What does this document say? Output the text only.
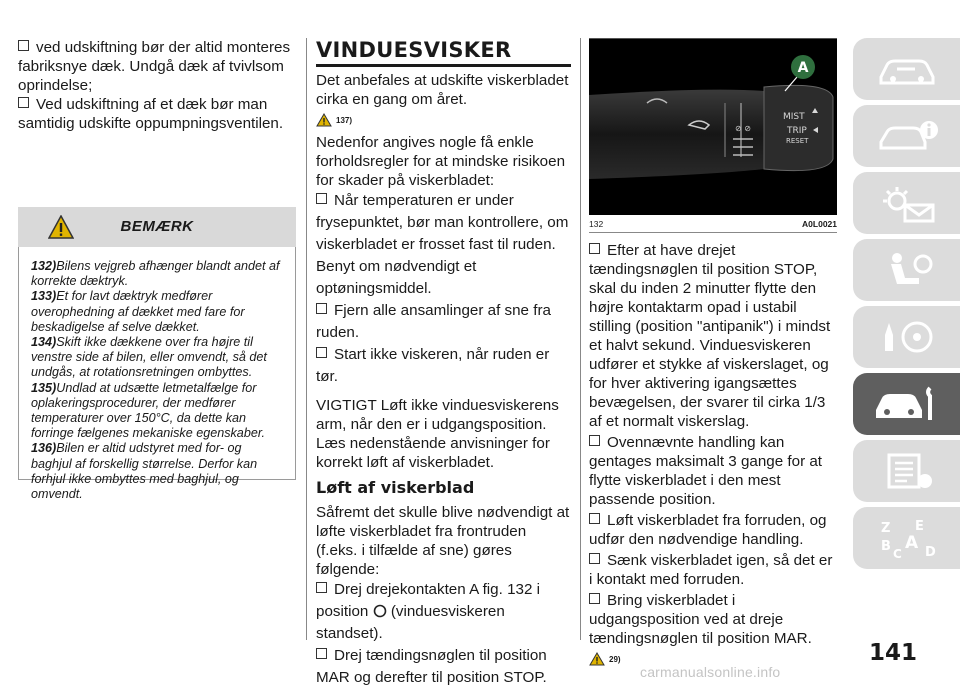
ved udskiftning bør der altid monteres fabriksnye dæk. Undgå dæk af tvivlsom oprindelse;

Ved udskiftning af et dæk bør man samtidig udskifte oppumpningsventilen.

BEMÆRK

132)Bilens vejgreb afhænger blandt andet af korrekte dæktryk.

133)Et for lavt dæktryk medfører overophedning af dækket med fare for beskadigelse af selve dækket.

134)Skift ikke dækkene over fra højre til venstre side af bilen, eller omvendt, så det undgås, at rotationsretningen ombyttes.

135)Undlad at udsætte letmetalfælge for oplakeringsprocedurer, der medfører temperaturer over 150°C, da dette kan forringe fælgenes mekaniske egenskaber.

136)Bilen er altid udstyret med for- og baghjul af forskellig størrelse. Derfor kan forhjul ikke ombyttes med baghjul, og omvendt.

VINDUESVISKER

Det anbefales at udskifte viskerbladet cirka en gang om året.

137)

Nedenfor angives nogle få enkle forholdsregler for at mindske risikoen for skader på viskerbladet:

Når temperaturen er under frysepunktet, bør man kontrollere, om viskerbladet er frosset fast til ruden.

Benyt om nødvendigt et optøningsmiddel.

Fjern alle ansamlinger af sne fra ruden.

Start ikke viskeren, når ruden er tør.

VIGTIGT Løft ikke vinduesviskerens arm, når den er i udgangsposition. Læs nedenstående anvisninger for korrekt løft af viskerbladet.

Løft af viskerblad

Såfremt det skulle blive nødvendigt at løfte viskerbladet fra frontruden (f.eks. i tilfælde af sne) gøres følgende:

Drej drejekontakten A fig. 132 i position (vinduesviskeren standset).

Drej tændingsnøglen til position MAR og derefter til position STOP.

⊘ ⊘
A
MIST
TRIP
RESET
132	A0L0021

Efter at have drejet tændingsnøglen til position STOP, skal du inden 2 minutter flytte den højre kontaktarm opad i ustabil stilling (position "antipanik") i mindst et halvt sekund. Vinduesviskeren udfører et stykke af viskerslaget, og for hver aktivering igangsættes bevægelsen, der svarer til cirka 1/3 af et normalt viskerslag.

Ovennævnte handling kan gentages maksimalt 3 gange for at flytte viskerbladet i den mest passende position.

Løft viskerbladet fra forruden, og udfør den nødvendige handling.

Sænk viskerbladet igen, så det er i kontakt med forruden.

Bring viskerbladet i udgangsposition ved at dreje tændingsnøglen til position MAR.

29)
Z E
B A D
C
141
carmanualsonline.info
